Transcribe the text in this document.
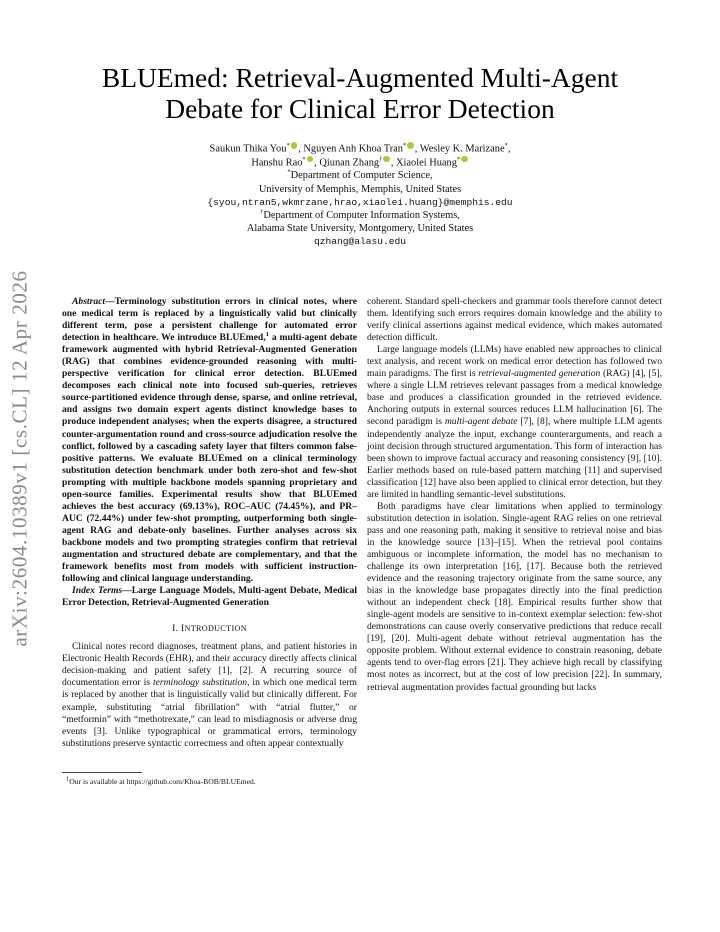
arXiv:2604.10389v1 [cs.CL] 12 Apr 2026
BLUEmed: Retrieval-Augmented Multi-Agent
Debate for Clinical Error Detection
Saukun Thika You* , Nguyen Anh Khoa Tran* , Wesley K. Marizane*,
Hanshu Rao* , Qiunan Zhang† , Xiaolei Huang*
*Department of Computer Science,
University of Memphis, Memphis, United States
{syou,ntran5,wkmrzane,hrao,xiaolei.huang}@memphis.edu
†Department of Computer Information Systems,
Alabama State University, Montgomery, United States
qzhang@alasu.edu

Abstract—Terminology substitution errors in clinical notes, where one medical term is replaced by a linguistically valid but clinically different term, pose a persistent challenge for automated error detection in healthcare. We introduce BLUEmed,$^1$ a multi-agent debate framework augmented with hybrid Retrieval-Augmented Generation (RAG) that combines evidence-grounded reasoning with multi-perspective verification for clinical error detection. BLUEmed decomposes each clinical note into focused sub-queries, retrieves source-partitioned evidence through dense, sparse, and online retrieval, and assigns two domain expert agents distinct knowledge bases to produce independent analyses; when the experts disagree, a structured counter-argumentation round and cross-source adjudication resolve the conflict, followed by a cascading safety layer that filters common false-positive patterns. We evaluate BLUEmed on a clinical terminology substitution detection benchmark under both zero-shot and few-shot prompting with multiple backbone models spanning proprietary and open-source families. Experimental results show that BLUEmed achieves the best accuracy (69.13%), ROC–AUC (74.45%), and PR–AUC (72.44%) under few-shot prompting, outperforming both single-agent RAG and debate-only baselines. Further analyses across six backbone models and two prompting strategies confirm that retrieval augmentation and structured debate are complementary, and that the framework benefits most from models with sufficient instruction-following and clinical language understanding.

Index Terms—Large Language Models, Multi-agent Debate, Medical Error Detection, Retrieval-Augmented Generation

I. INTRODUCTION

Clinical notes record diagnoses, treatment plans, and patient histories in Electronic Health Records (EHR), and their accuracy directly affects clinical decision-making and patient safety [1], [2]. A recurring source of documentation error is terminology substitution, in which one medical term is replaced by another that is linguistically valid but clinically different. For example, substituting “atrial fibrillation” with “atrial flutter,” or “metformin” with “methotrexate,” can lead to misdiagnosis or adverse drug events [3]. Unlike typographical or grammatical errors, terminology substitutions preserve syntactic correctness and often appear contextually

$^1$Our is available at https://github.com/Khoa-BOB/BLUEmed.

coherent. Standard spell-checkers and grammar tools therefore cannot detect them. Identifying such errors requires domain knowledge and the ability to verify clinical assertions against medical evidence, which makes automated detection difficult.

Large language models (LLMs) have enabled new approaches to clinical text analysis, and recent work on medical error detection has followed two main paradigms. The first is retrieval-augmented generation (RAG) [4], [5], where a single LLM retrieves relevant passages from a medical knowledge base and produces a classification grounded in the retrieved evidence. Anchoring outputs in external sources reduces LLM hallucination [6]. The second paradigm is multi-agent debate [7], [8], where multiple LLM agents independently analyze the input, exchange counterarguments, and reach a joint decision through structured argumentation. This form of interaction has been shown to improve factual accuracy and reasoning consistency [9], [10]. Earlier methods based on rule-based pattern matching [11] and supervised classification [12] have also been applied to clinical error detection, but they are limited in handling semantic-level substitutions.

Both paradigms have clear limitations when applied to terminology substitution detection in isolation. Single-agent RAG relies on one retrieval pass and one reasoning path, making it sensitive to retrieval noise and bias in the knowledge source [13]–[15]. When the retrieval pool contains ambiguous or incomplete information, the model has no mechanism to challenge its own interpretation [16], [17]. Because both the retrieved evidence and the reasoning trajectory originate from the same source, any bias in the knowledge base propagates directly into the final prediction without an independent check [18]. Empirical results further show that single-agent models are sensitive to in-context exemplar selection: few-shot demonstrations can cause overly conservative predictions that reduce recall [19], [20]. Multi-agent debate without retrieval augmentation has the opposite problem. Without external evidence to constrain reasoning, debate agents tend to over-flag errors [21]. They achieve high recall by classifying most notes as incorrect, but at the cost of low precision [22]. In summary, retrieval augmentation provides factual grounding but lacks
